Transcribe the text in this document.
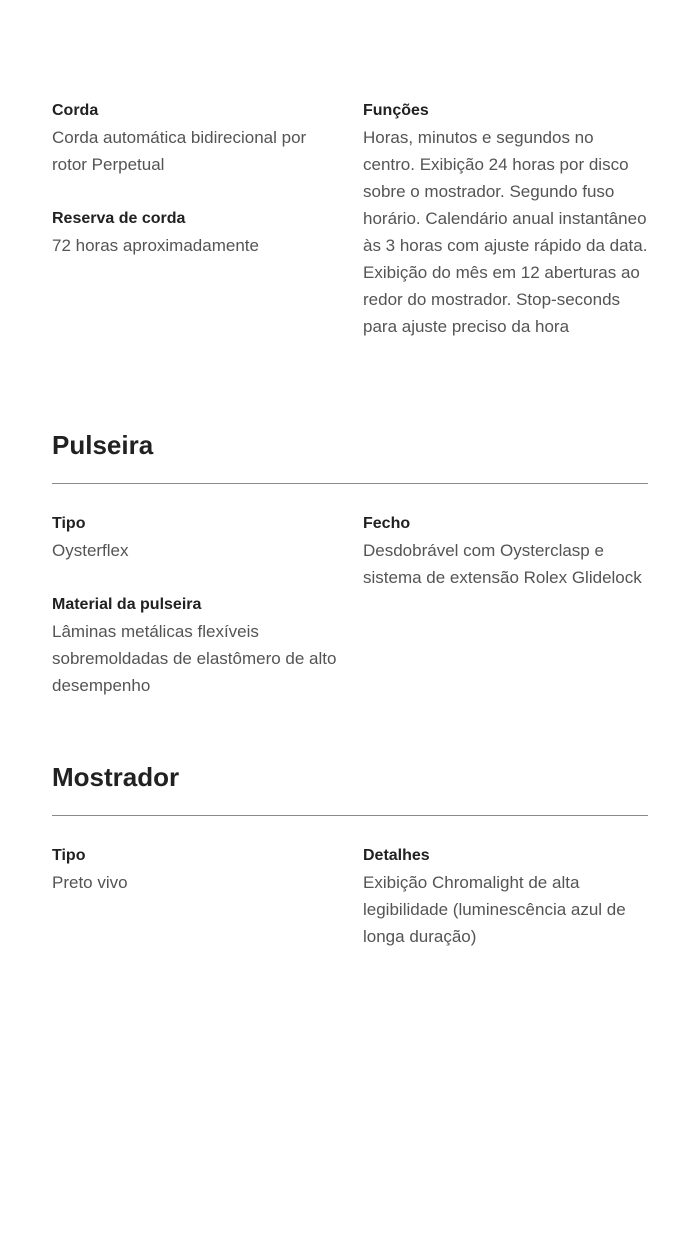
Corda

Corda automática bidirecional por rotor Perpetual

Reserva de corda

72 horas aproximadamente

Funções

Horas, minutos e segundos no centro. Exibição 24 horas por disco sobre o mostrador. Segundo fuso horário. Calendário anual instantâneo às 3 horas com ajuste rápido da data. Exibição do mês em 12 aberturas ao redor do mostrador. Stop-seconds para ajuste preciso da hora

Pulseira

Tipo

Oysterflex

Material da pulseira

Lâminas metálicas flexíveis sobremoldadas de elastômero de alto desempenho

Fecho

Desdobrável com Oysterclasp e sistema de extensão Rolex Glidelock

Mostrador

Tipo

Preto vivo

Detalhes

Exibição Chromalight de alta legibilidade (luminescência azul de longa duração)
